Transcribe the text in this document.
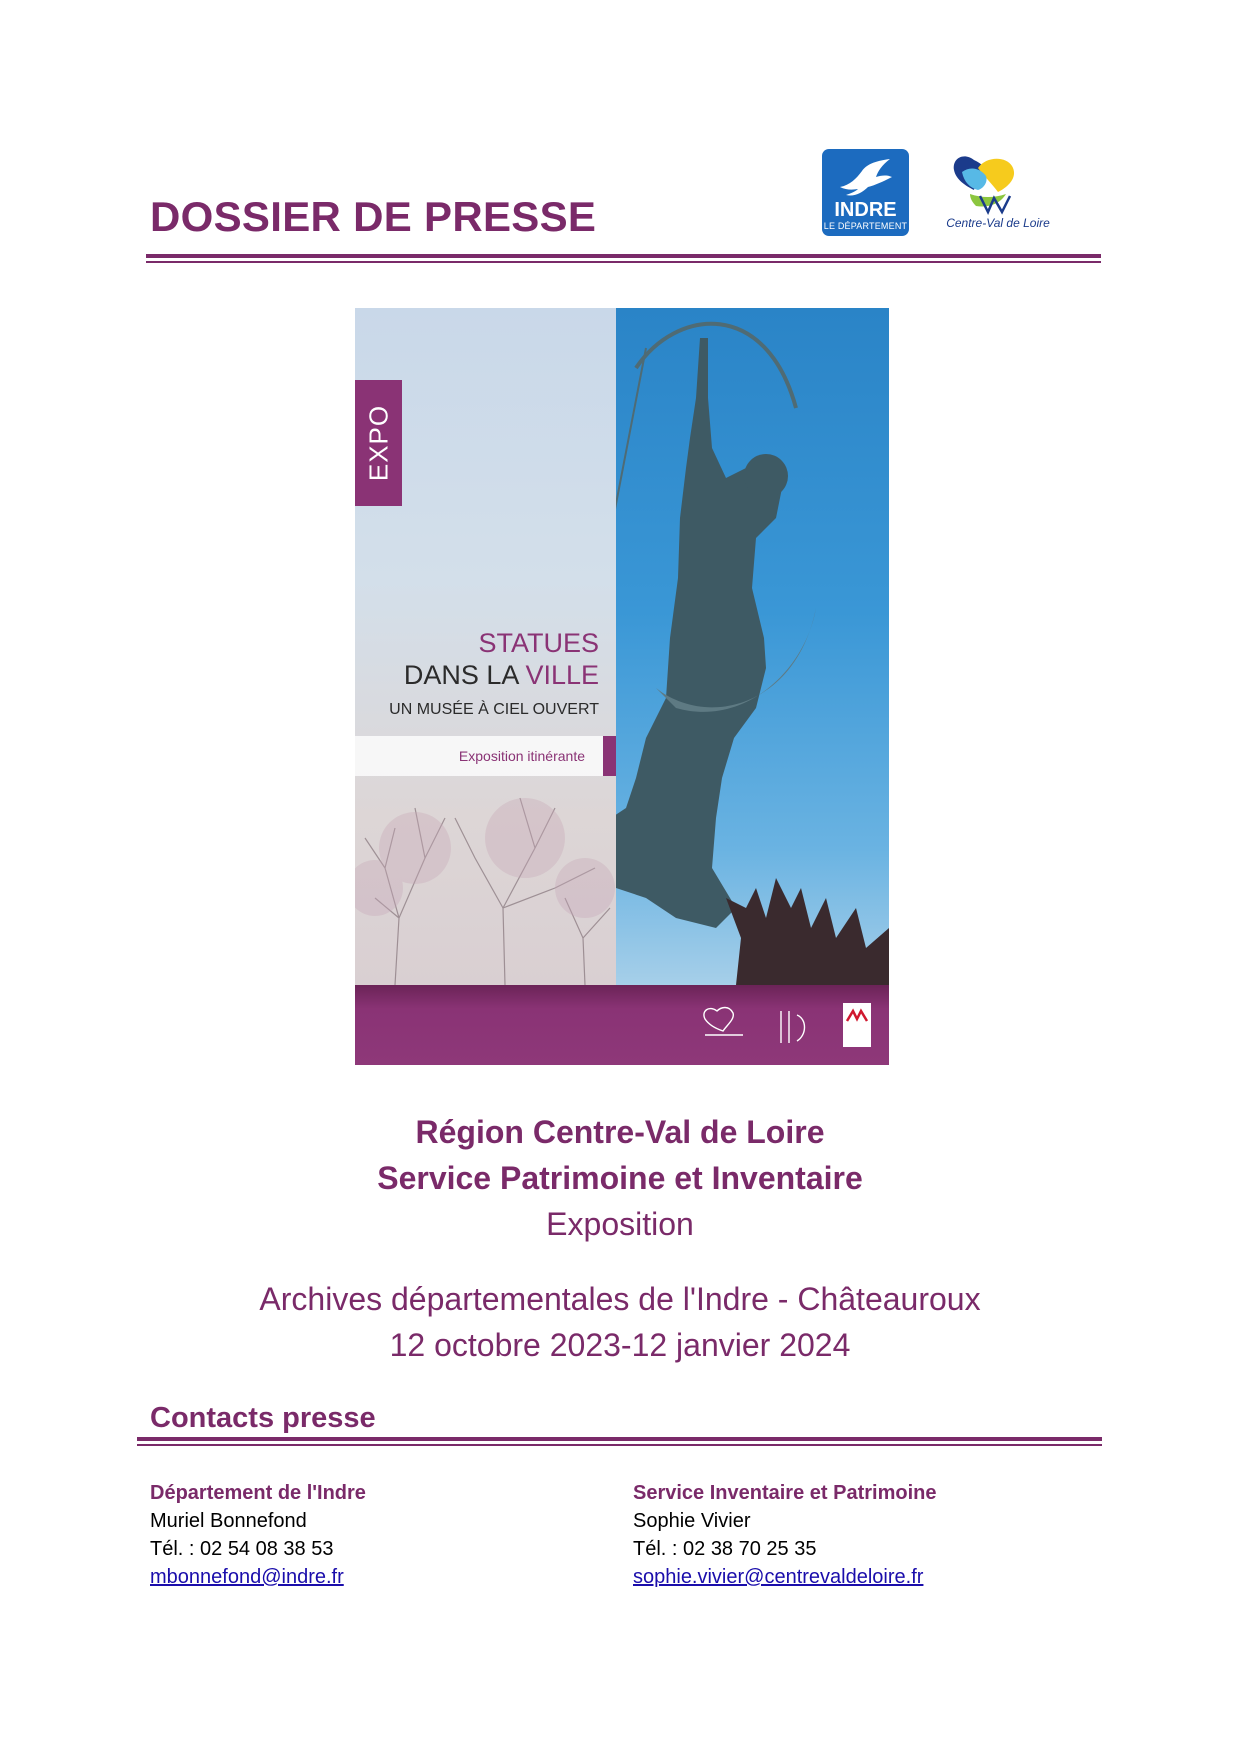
DOSSIER DE PRESSE	INDRE
LE DÉPARTEMENT	Centre-Val de Loire
EXPO
STATUES
DANS LA VILLE
UN MUSÉE À CIEL OUVERT
Exposition itinérante

Région Centre-Val de Loire

Service Patrimoine et Inventaire

Exposition

Archives départementales de l'Indre - Châteauroux

12 octobre 2023-12 janvier 2024

Contacts presse
Département de l'Indre
Muriel Bonnefond
Tél. : 02 54 08 38 53
mbonnefond@indre.fr
Service Inventaire et Patrimoine
Sophie Vivier
Tél. : 02 38 70 25 35
sophie.vivier@centrevaldeloire.fr
